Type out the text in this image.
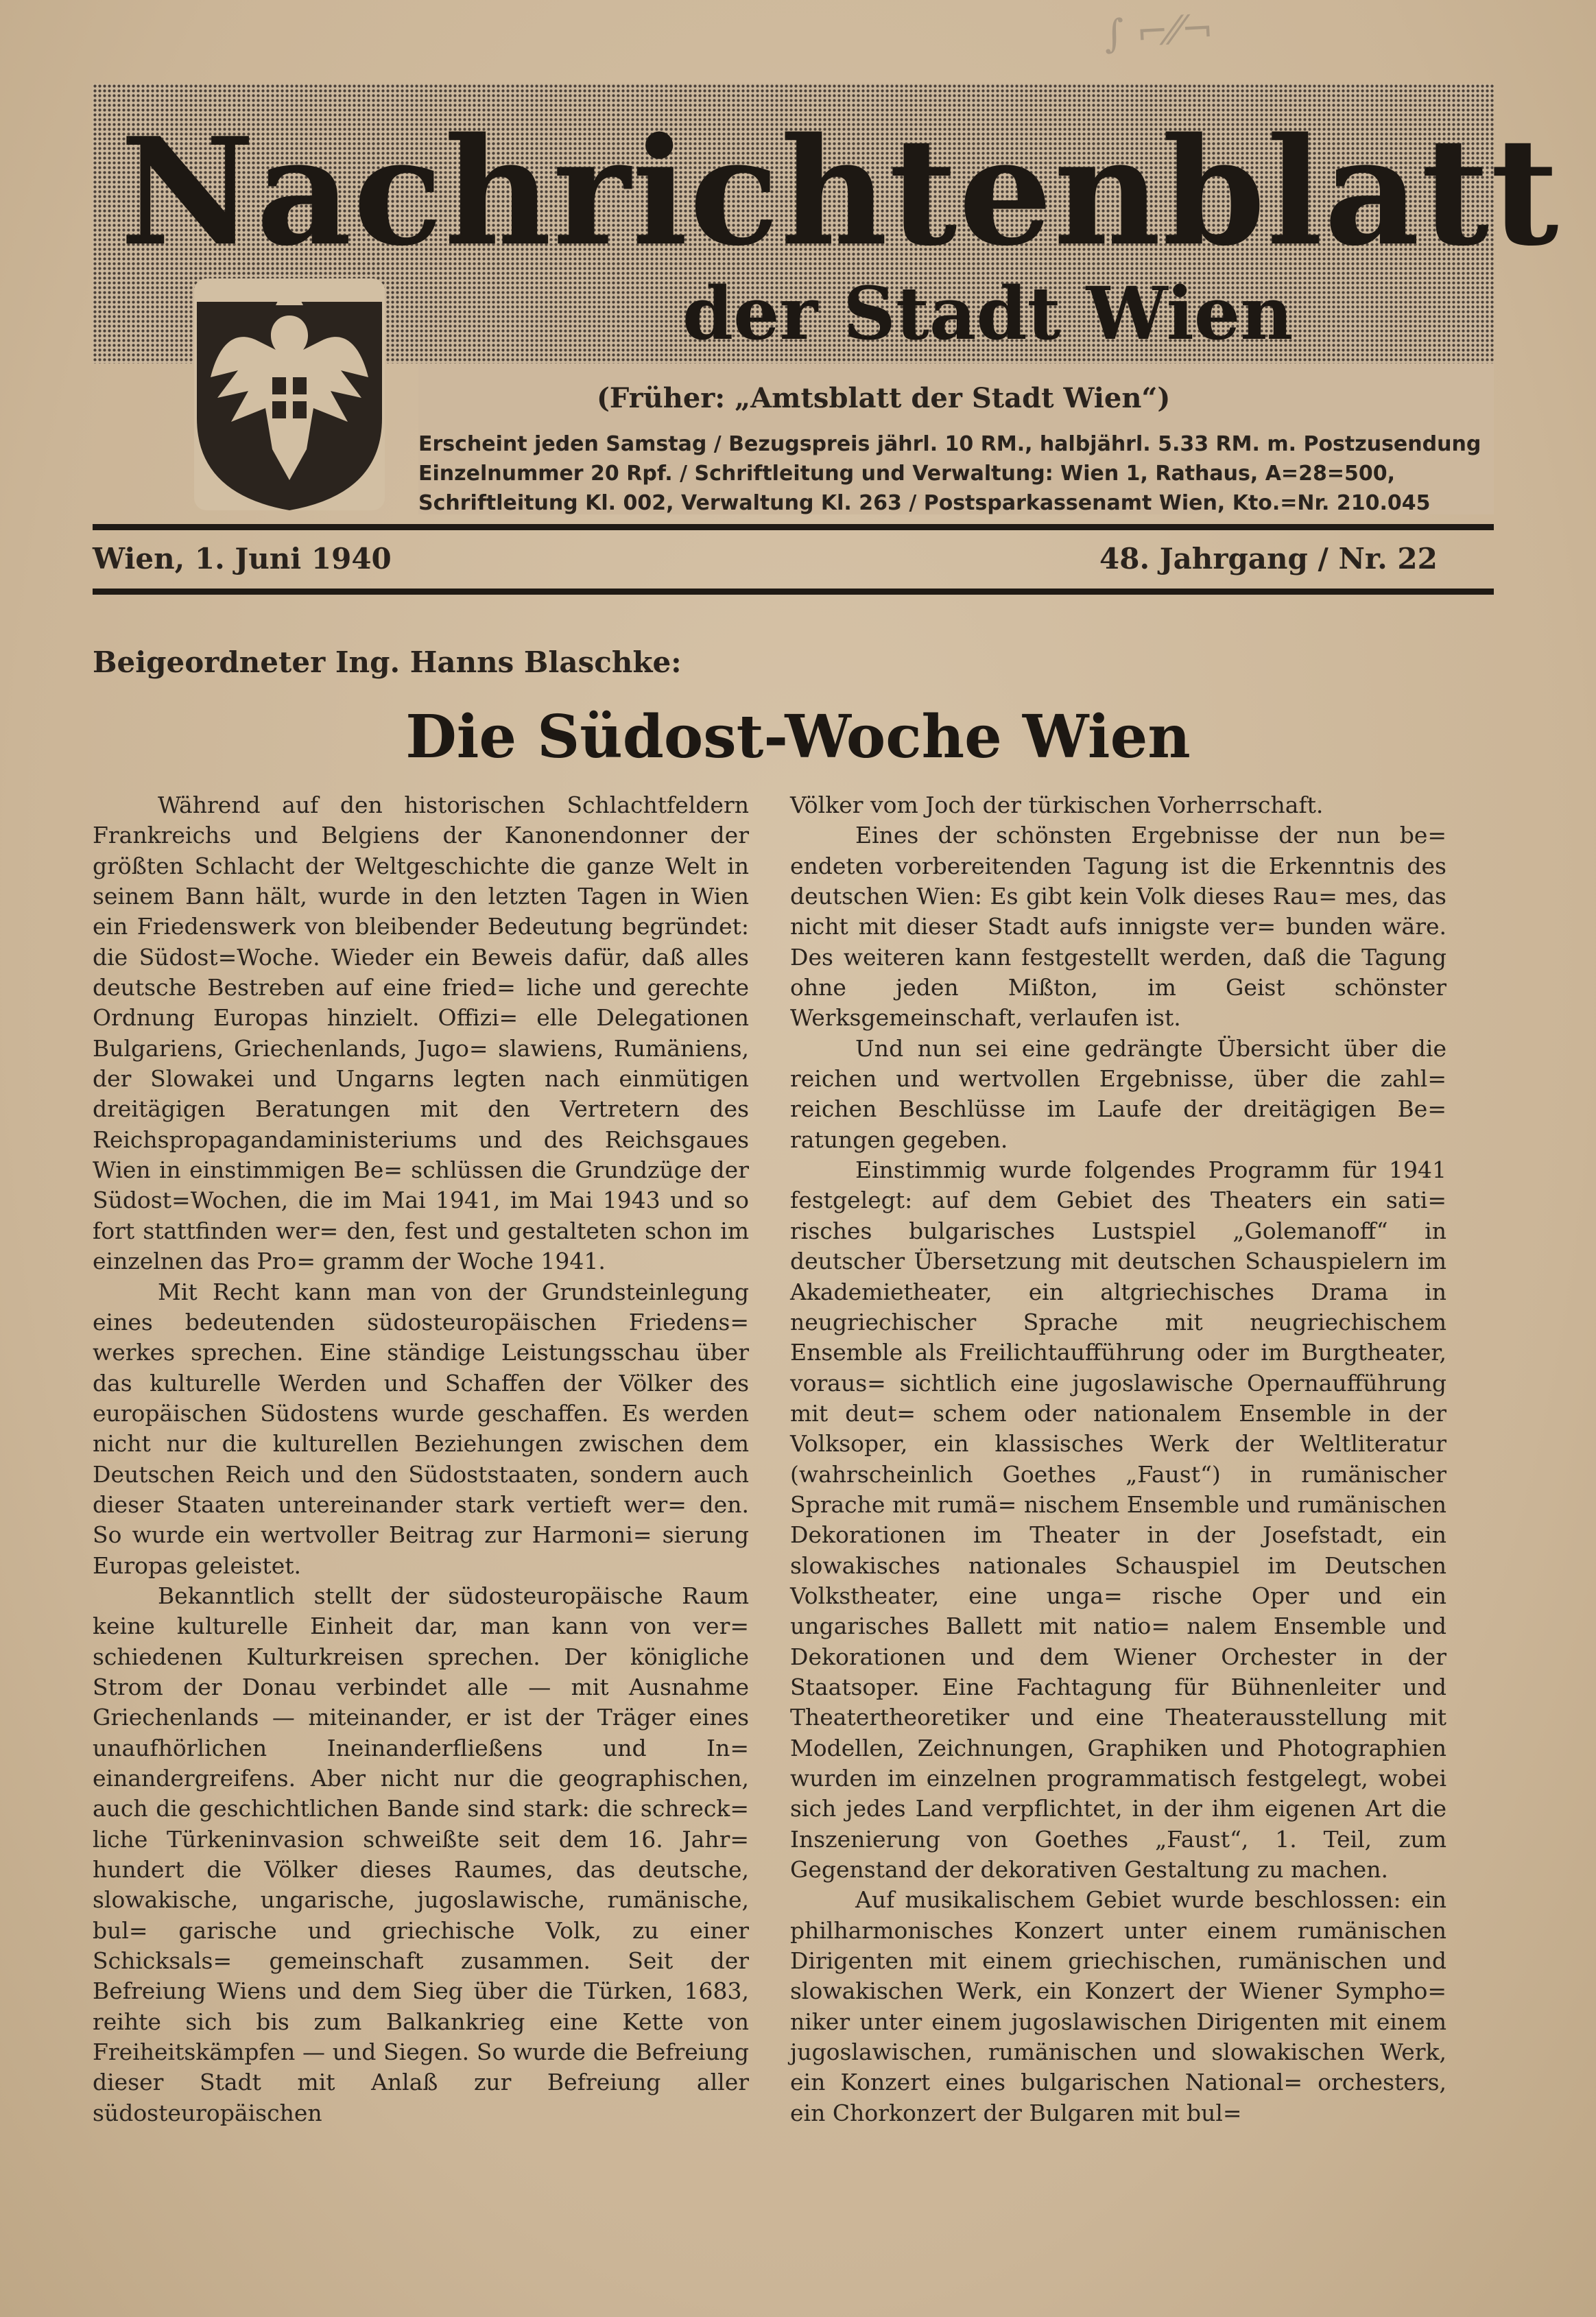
∫ ⌐⁄⁄¬
Nachrichtenblatt
der Stadt Wien
(Früher: „Amtsblatt der Stadt Wien“)
Erscheint jeden Samstag / Bezugspreis jährl. 10 RM., halbjährl. 5.33 RM. m. Postzusendung
Einzelnummer 20 Rpf. / Schriftleitung und Verwaltung: Wien 1, Rathaus, A=28=500,
Schriftleitung Kl. 002, Verwaltung Kl. 263 / Postsparkassenamt Wien, Kto.=Nr. 210.045
Wien, 1. Juni 1940	48. Jahrgang / Nr. 22
Beigeordneter Ing. Hanns Blaschke:
Die Südost-Woche Wien

Während auf den historischen Schlachtfeldern Frankreichs und Belgiens der Kanonendonner der größten Schlacht der Weltgeschichte die ganze Welt in seinem Bann hält, wurde in den letzten Tagen in Wien ein Friedenswerk von bleibender Bedeutung begründet: die Südost=Woche. Wieder ein Beweis dafür, daß alles deutsche Bestreben auf eine fried= liche und gerechte Ordnung Europas hinzielt. Offizi= elle Delegationen Bulgariens, Griechenlands, Jugo= slawiens, Rumäniens, der Slowakei und Ungarns legten nach einmütigen dreitägigen Beratungen mit den Vertretern des Reichspropagandaministeriums und des Reichsgaues Wien in einstimmigen Be= schlüssen die Grundzüge der Südost=Wochen, die im Mai 1941, im Mai 1943 und so fort stattfinden wer= den, fest und gestalteten schon im einzelnen das Pro= gramm der Woche 1941.

Mit Recht kann man von der Grundsteinlegung eines bedeutenden südosteuropäischen Friedens= werkes sprechen. Eine ständige Leistungsschau über das kulturelle Werden und Schaffen der Völker des europäischen Südostens wurde geschaffen. Es werden nicht nur die kulturellen Beziehungen zwischen dem Deutschen Reich und den Südoststaaten, sondern auch dieser Staaten untereinander stark vertieft wer= den. So wurde ein wertvoller Beitrag zur Harmoni= sierung Europas geleistet.

Bekanntlich stellt der südosteuropäische Raum keine kulturelle Einheit dar, man kann von ver= schiedenen Kulturkreisen sprechen. Der königliche Strom der Donau verbindet alle — mit Ausnahme Griechenlands — miteinander, er ist der Träger eines unaufhörlichen Ineinanderfließens und In= einandergreifens. Aber nicht nur die geographischen, auch die geschichtlichen Bande sind stark: die schreck= liche Türkeninvasion schweißte seit dem 16. Jahr= hundert die Völker dieses Raumes, das deutsche, slowakische, ungarische, jugoslawische, rumänische, bul= garische und griechische Volk, zu einer Schicksals= gemeinschaft zusammen. Seit der Befreiung Wiens und dem Sieg über die Türken, 1683, reihte sich bis zum Balkankrieg eine Kette von Freiheitskämpfen — und Siegen. So wurde die Befreiung dieser Stadt mit Anlaß zur Befreiung aller südosteuropäischen

Völker vom Joch der türkischen Vorherrschaft.

Eines der schönsten Ergebnisse der nun be= endeten vorbereitenden Tagung ist die Erkenntnis des deutschen Wien: Es gibt kein Volk dieses Rau= mes, das nicht mit dieser Stadt aufs innigste ver= bunden wäre. Des weiteren kann festgestellt werden, daß die Tagung ohne jeden Mißton, im Geist schönster Werksgemeinschaft, verlaufen ist.

Und nun sei eine gedrängte Übersicht über die reichen und wertvollen Ergebnisse, über die zahl= reichen Beschlüsse im Laufe der dreitägigen Be= ratungen gegeben.

Einstimmig wurde folgendes Programm für 1941 festgelegt: auf dem Gebiet des Theaters ein sati= risches bulgarisches Lustspiel „Golemanoff“ in deutscher Übersetzung mit deutschen Schauspielern im Akademietheater, ein altgriechisches Drama in neugriechischer Sprache mit neugriechischem Ensemble als Freilichtaufführung oder im Burgtheater, voraus= sichtlich eine jugoslawische Opernaufführung mit deut= schem oder nationalem Ensemble in der Volksoper, ein klassisches Werk der Weltliteratur (wahrscheinlich Goethes „Faust“) in rumänischer Sprache mit rumä= nischem Ensemble und rumänischen Dekorationen im Theater in der Josefstadt, ein slowakisches nationales Schauspiel im Deutschen Volkstheater, eine unga= rische Oper und ein ungarisches Ballett mit natio= nalem Ensemble und Dekorationen und dem Wiener Orchester in der Staatsoper. Eine Fachtagung für Bühnenleiter und Theatertheoretiker und eine Theaterausstellung mit Modellen, Zeichnungen, Graphiken und Photographien wurden im einzelnen programmatisch festgelegt, wobei sich jedes Land verpflichtet, in der ihm eigenen Art die Inszenierung von Goethes „Faust“, 1. Teil, zum Gegenstand der dekorativen Gestaltung zu machen.

Auf musikalischem Gebiet wurde beschlossen: ein philharmonisches Konzert unter einem rumänischen Dirigenten mit einem griechischen, rumänischen und slowakischen Werk, ein Konzert der Wiener Sympho= niker unter einem jugoslawischen Dirigenten mit einem jugoslawischen, rumänischen und slowakischen Werk, ein Konzert eines bulgarischen National= orchesters, ein Chorkonzert der Bulgaren mit bul=
